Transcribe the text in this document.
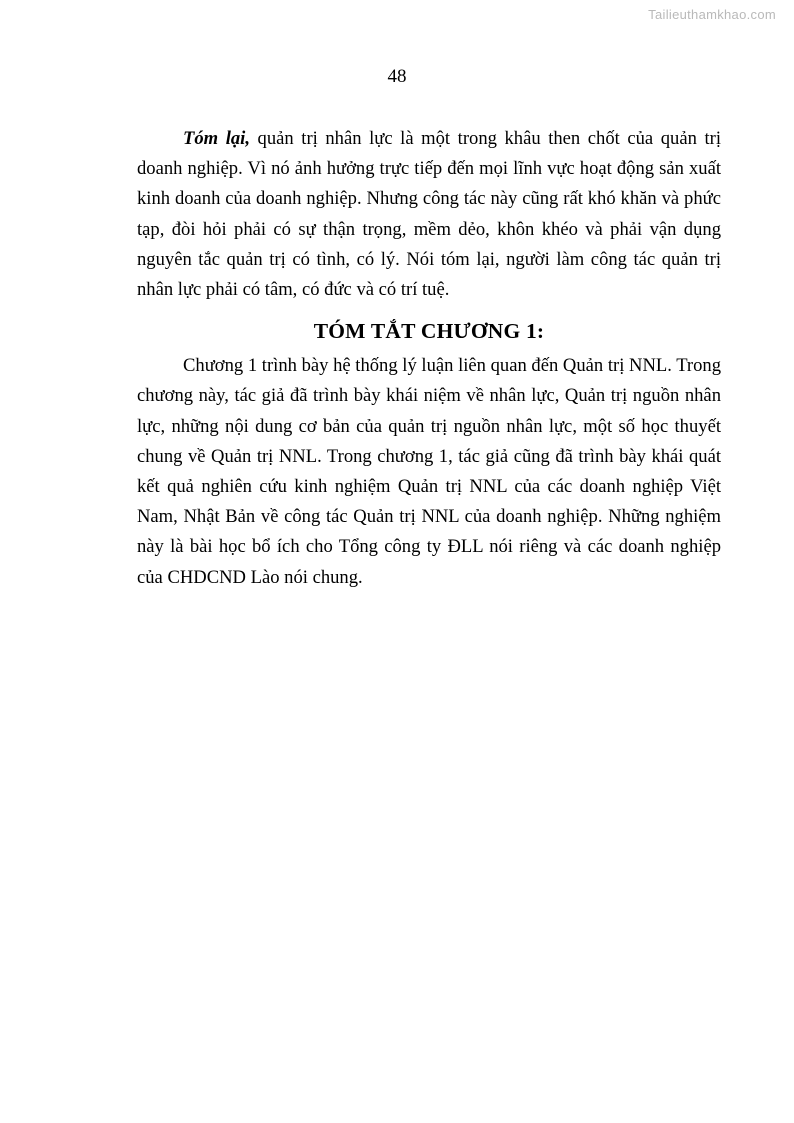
Tailieuthamkhao.com
48

Tóm lại, quản trị nhân lực là một trong khâu then chốt của quản trị doanh nghiệp. Vì nó ảnh hưởng trực tiếp đến mọi lĩnh vực hoạt động sản xuất kinh doanh của doanh nghiệp. Nhưng công tác này cũng rất khó khăn và phức tạp, đòi hỏi phải có sự thận trọng, mềm dẻo, khôn khéo và phải vận dụng nguyên tắc quản trị có tình, có lý. Nói tóm lại, người làm công tác quản trị nhân lực phải có tâm, có đức và có trí tuệ.

TÓM TẮT CHƯƠNG 1:

Chương 1 trình bày hệ thống lý luận liên quan đến Quản trị NNL. Trong chương này, tác giả đã trình bày khái niệm về nhân lực, Quản trị nguồn nhân lực, những nội dung cơ bản của quản trị nguồn nhân lực, một số học thuyết chung về Quản trị NNL. Trong chương 1, tác giả cũng đã trình bày khái quát kết quả nghiên cứu kinh nghiệm Quản trị NNL của các doanh nghiệp Việt Nam, Nhật Bản về công tác Quản trị NNL của doanh nghiệp. Những nghiệm này là bài học bổ ích cho Tổng công ty ĐLL nói riêng và các doanh nghiệp của CHDCND Lào nói chung.
